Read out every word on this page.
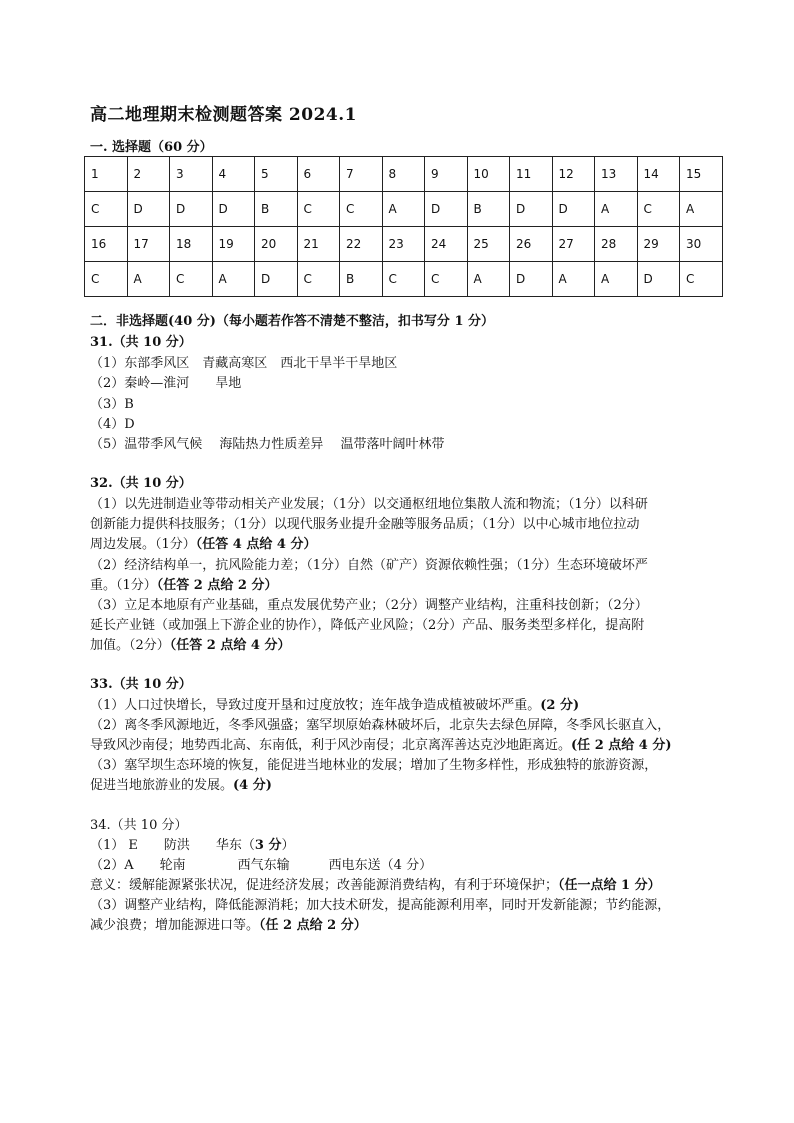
高二地理期末检测题答案 2024.1
一. 选择题（60 分）
1	2	3	4	5	6	7	8	9	10	11	12	13	14	15
C	D	D	D	B	C	C	A	D	B	D	D	A	C	A
16	17	18	19	20	21	22	23	24	25	26	27	28	29	30
C	A	C	A	D	C	B	C	C	A	D	A	A	D	C
二．非选择题(40 分)（每小题若作答不清楚不整洁，扣书写分 1 分）
31.（共 10 分）
（1）东部季风区　青藏高寒区　西北干旱半干旱地区
（2）秦岭—淮河　　旱地
（3）B
（4）D
（5）温带季风气候　 海陆热力性质差异　 温带落叶阔叶林带
32.（共 10 分）
（1）以先进制造业等带动相关产业发展；（1分）以交通枢纽地位集散人流和物流；（1分）以科研
创新能力提供科技服务；（1分）以现代服务业提升金融等服务品质；（1分）以中心城市地位拉动
周边发展。（1分）（任答 4 点给 4 分）
（2）经济结构单一，抗风险能力差；（1分）自然（矿产）资源依赖性强；（1分）生态环境破坏严
重。（1分）（任答 2 点给 2 分）
（3）立足本地原有产业基础，重点发展优势产业；（2分）调整产业结构，注重科技创新；（2分）
延长产业链（或加强上下游企业的协作），降低产业风险；（2分）产品、服务类型多样化，提高附
加值。（2分）（任答 2 点给 4 分）
33.（共 10 分）
（1）人口过快增长，导致过度开垦和过度放牧；连年战争造成植被破坏严重。(2 分)
（2）离冬季风源地近，冬季风强盛；塞罕坝原始森林破坏后，北京失去绿色屏障，冬季风长驱直入，
导致风沙南侵；地势西北高、东南低，利于风沙南侵；北京离浑善达克沙地距离近。(任 2 点给 4 分)
（3）塞罕坝生态环境的恢复，能促进当地林业的发展；增加了生物多样性，形成独特的旅游资源，
促进当地旅游业的发展。(4 分)
34.（共 10 分）
（1） E　　防洪　　华东（3 分）
（2）A　　轮南　　　　西气东输　　　西电东送（4 分）
意义：缓解能源紧张状况，促进经济发展；改善能源消费结构，有利于环境保护；（任一点给 1 分）
（3）调整产业结构，降低能源消耗；加大技术研发，提高能源利用率，同时开发新能源；节约能源，
减少浪费；增加能源进口等。（任 2 点给 2 分）
